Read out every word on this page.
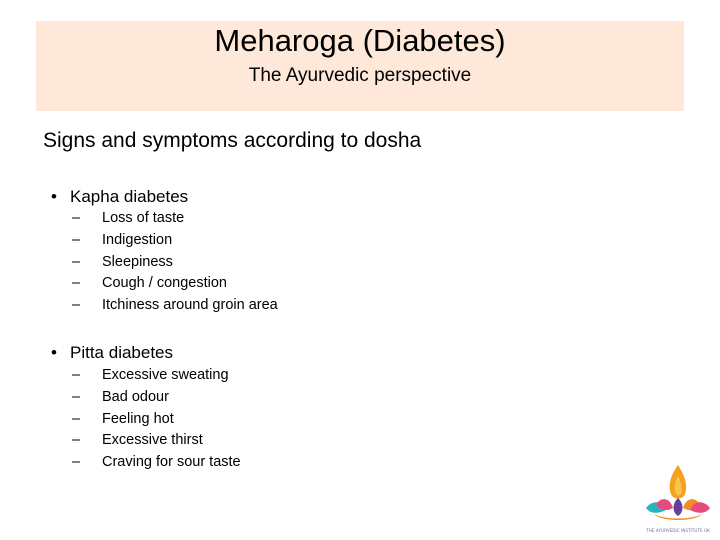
Meharoga (Diabetes)
The Ayurvedic perspective
Signs and symptoms according to dosha
• Kapha diabetes
– Loss of taste
– Indigestion
– Sleepiness
– Cough / congestion
– Itchiness around groin area
• Pitta diabetes
– Excessive sweating
– Bad odour
– Feeling hot
– Excessive thirst
– Craving for sour taste
THE AYURVEDIC INSTITUTE UK
